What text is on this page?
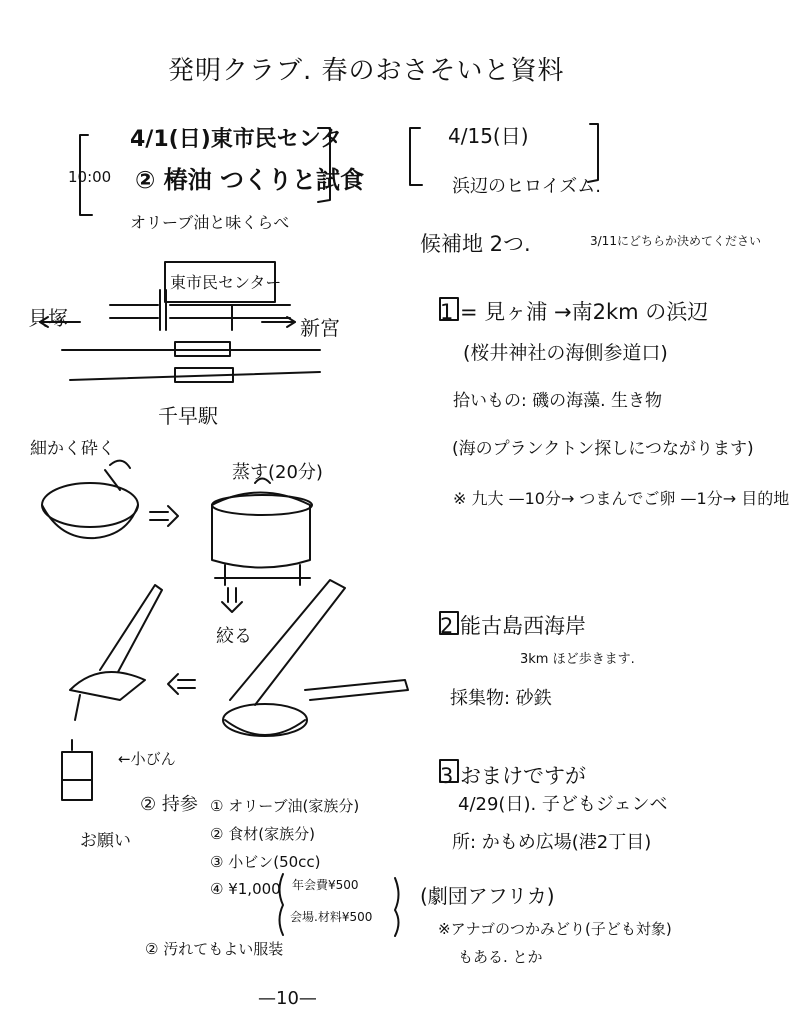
発明クラブ. 春のおさそいと資料
4/1(日)東市民センタ
10:00 ② 椿油 つくりと試食
オリーブ油と味くらべ
東市民センター
貝塚	新宮
千早駅
細かく砕く
蒸す(20分)
絞る
←小びん
お願い
② 持参 ① オリーブ油(家族分)
② 食材(家族分)
③ 小ビン(50cc)
④ ¥1,000 年会費¥500
会場.材料¥500
② 汚れてもよい服装
4/15(日)
浜辺のヒロイズム.
候補地 2つ.	3/11にどちらか決めてください
1 = 見ヶ浦 →南2km の浜辺
(桜井神社の海側参道口)
拾いもの: 磯の海藻. 生き物
(海のプランクトン探しにつながります)
※ 九大 —10分→ つまんでご卵 —1分→ 目的地
2 能古島西海岸
3km ほど歩きます.
採集物: 砂鉄
3 おまけですが
4/29(日). 子どもジェンベ
所: かもめ広場(港2丁目)
(劇団アフリカ)
※アナゴのつかみどり(子ども対象)
もある. とか
—10—
